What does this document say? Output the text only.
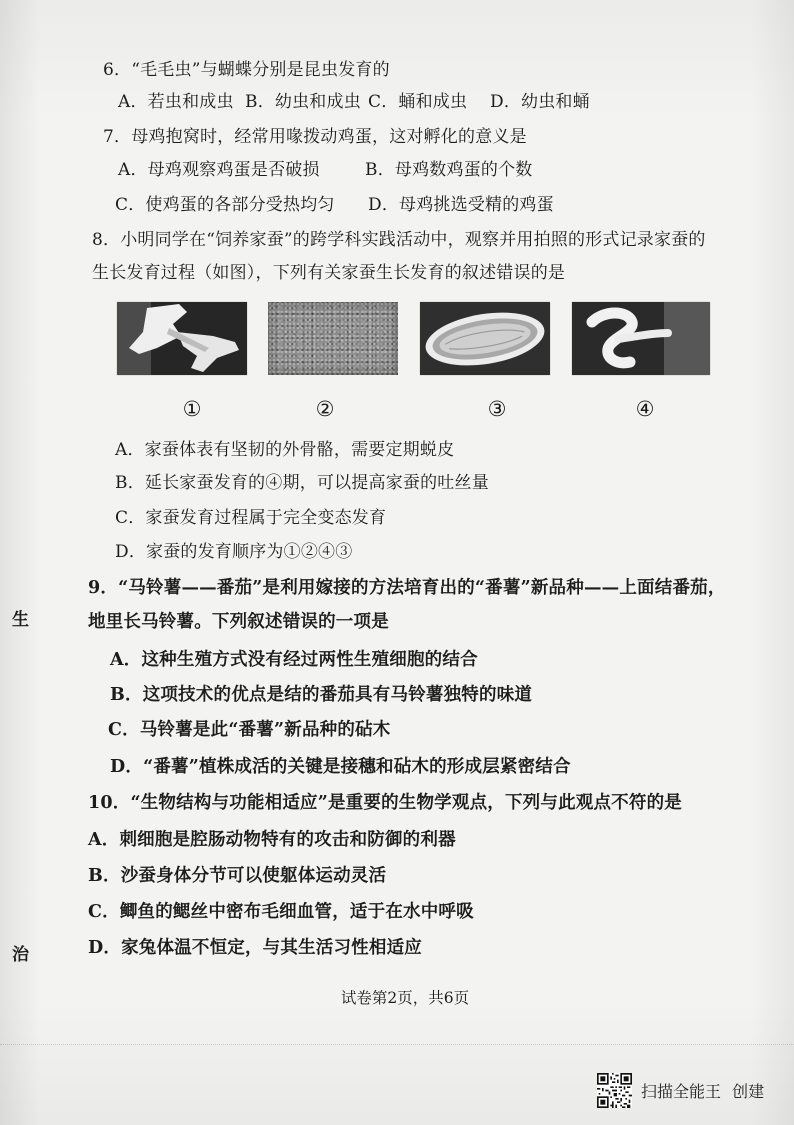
6．“毛毛虫”与蝴蝶分别是昆虫发育的
A．若虫和成虫 B．幼虫和成虫 C．蛹和成虫 D．幼虫和蛹
7．母鸡抱窝时，经常用喙拨动鸡蛋，这对孵化的意义是
A．母鸡观察鸡蛋是否破损	B．母鸡数鸡蛋的个数
C．使鸡蛋的各部分受热均匀 D．母鸡挑选受精的鸡蛋
8．小明同学在“饲养家蚕”的跨学科实践活动中，观察并用拍照的形式记录家蚕的
生长发育过程（如图），下列有关家蚕生长发育的叙述错误的是
①	②	③	④
A．家蚕体表有坚韧的外骨骼，需要定期蜕皮
B．延长家蚕发育的④期，可以提高家蚕的吐丝量
C．家蚕发育过程属于完全变态发育
D．家蚕的发育顺序为①②④③
9．“马铃薯——番茄”是利用嫁接的方法培育出的“番薯”新品种——上面结番茄，
地里长马铃薯。下列叙述错误的一项是
A．这种生殖方式没有经过两性生殖细胞的结合
B．这项技术的优点是结的番茄具有马铃薯独特的味道
C．马铃薯是此“番薯”新品种的砧木
D．“番薯”植株成活的关键是接穗和砧木的形成层紧密结合
10．“生物结构与功能相适应”是重要的生物学观点，下列与此观点不符的是
A．刺细胞是腔肠动物特有的攻击和防御的利器
B．沙蚕身体分节可以使躯体运动灵活
C．鲫鱼的鳃丝中密布毛细血管，适于在水中呼吸
D．家兔体温不恒定，与其生活习性相适应
生
治
试卷第2页，共6页
扫描全能王 创建
